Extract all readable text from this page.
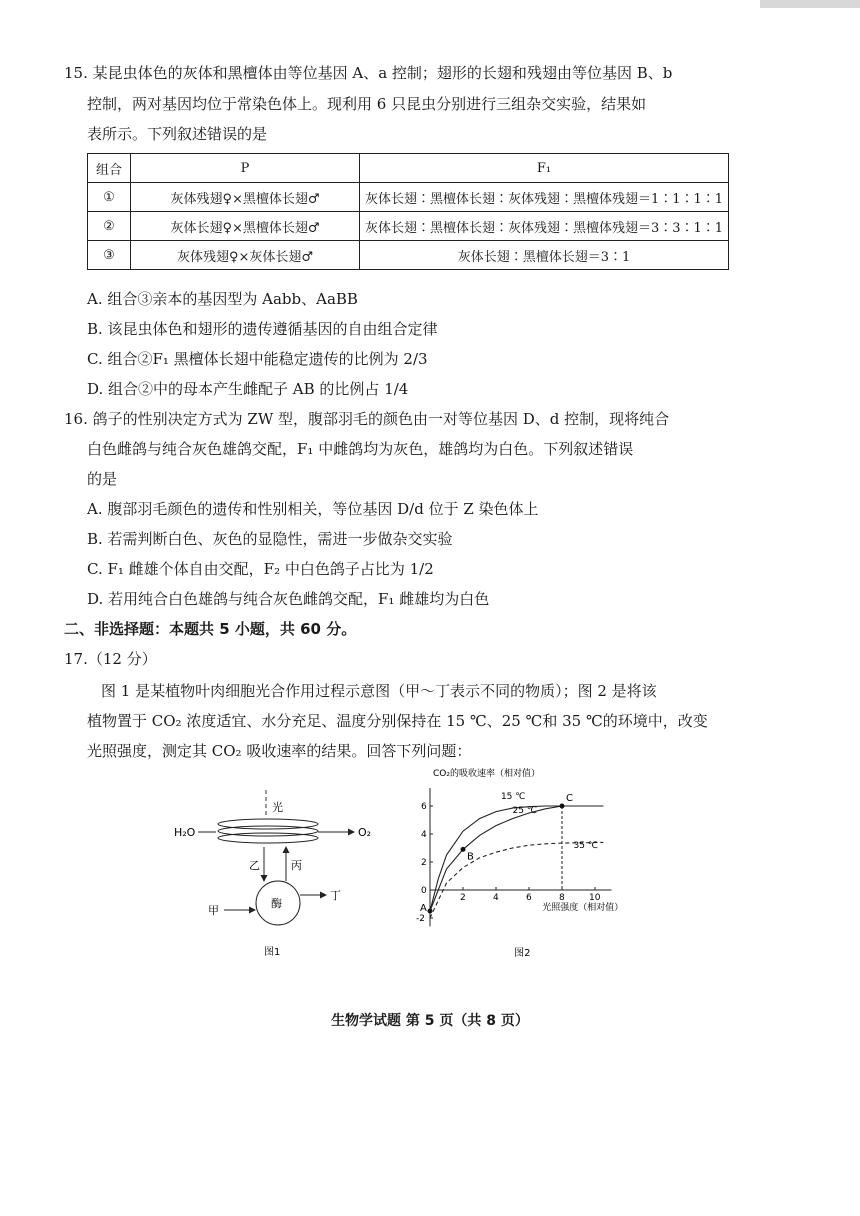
15. 某昆虫体色的灰体和黑檀体由等位基因 A、a 控制；翅形的长翅和残翅由等位基因 B、b
控制，两对基因均位于常染色体上。现利用 6 只昆虫分别进行三组杂交实验，结果如
表所示。下列叙述错误的是
组合	P	F₁
①	灰体残翅♀×黑檀体长翅♂	灰体长翅∶黑檀体长翅∶灰体残翅∶黑檀体残翅＝1∶1∶1∶1
②	灰体长翅♀×黑檀体长翅♂	灰体长翅∶黑檀体长翅∶灰体残翅∶黑檀体残翅＝3∶3∶1∶1
③	灰体残翅♀×灰体长翅♂	灰体长翅∶黑檀体长翅＝3∶1
A. 组合③亲本的基因型为 Aabb、AaBB
B. 该昆虫体色和翅形的遗传遵循基因的自由组合定律
C. 组合②F₁ 黑檀体长翅中能稳定遗传的比例为 2/3
D. 组合②中的母本产生雌配子 AB 的比例占 1/4
16. 鸽子的性别决定方式为 ZW 型，腹部羽毛的颜色由一对等位基因 D、d 控制，现将纯合
白色雌鸽与纯合灰色雄鸽交配，F₁ 中雌鸽均为灰色，雄鸽均为白色。下列叙述错误
的是
A. 腹部羽毛颜色的遗传和性别相关，等位基因 D/d 位于 Z 染色体上
B. 若需判断白色、灰色的显隐性，需进一步做杂交实验
C. F₁ 雌雄个体自由交配，F₂ 中白色鸽子占比为 1/2
D. 若用纯合白色雄鸽与纯合灰色雌鸽交配，F₁ 雌雄均为白色
二、非选择题：本题共 5 小题，共 60 分。
17.（12 分）
图 1 是某植物叶肉细胞光合作用过程示意图（甲～丁表示不同的物质）；图 2 是将该
植物置于 CO₂ 浓度适宜、水分充足、温度分别保持在 15 ℃、25 ℃和 35 ℃的环境中，改变
光照强度，测定其 CO₂ 吸收速率的结果。回答下列问题：
光
H₂O	O₂
乙	丙
酶
丁
甲
图1
CO₂的吸收速率（相对值）
光照强度（相对值）
2	4	6	8	10
-2
0
2
4
6
15 ℃
25 ℃
35 ℃
A
B
C
图2
生物学试题 第 5 页（共 8 页）
